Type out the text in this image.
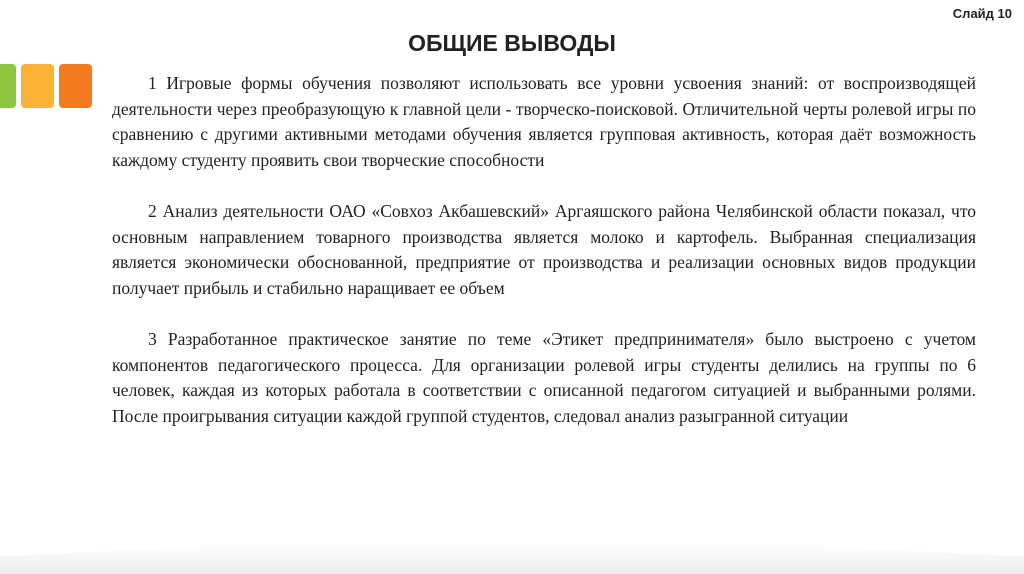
Слайд 10
ОБЩИЕ ВЫВОДЫ

1 Игровые формы обучения позволяют использовать все уровни усвоения знаний: от воспроизводящей деятельности через преобразующую к главной цели - творческо-поисковой. Отличительной черты ролевой игры по сравнению с другими активными методами обучения является групповая активность, которая даёт возможность каждому студенту проявить свои творческие способности

2 Анализ деятельности ОАО «Совхоз Акбашевский» Аргаяшского района Челябинской области показал, что основным направлением товарного производства является молоко и картофель. Выбранная специализация является экономически обоснованной, предприятие от производства и реализации основных видов продукции получает прибыль и стабильно наращивает ее объем

3 Разработанное практическое занятие по теме «Этикет предпринимателя» было выстроено с учетом компонентов педагогического процесса. Для организации ролевой игры студенты делились на группы по 6 человек, каждая из которых работала в соответствии с описанной педагогом ситуацией и выбранными ролями. После проигрывания ситуации каждой группой студентов, следовал анализ разыгранной ситуации
